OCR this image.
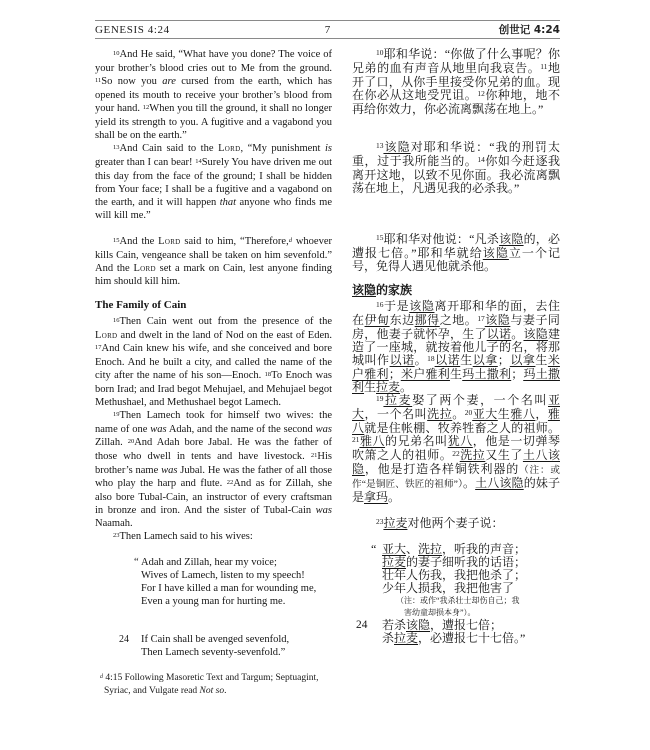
GENESIS 4:24	7	创世记 4:24
$^{10}$And He said, “What have you done? The voice of your brother’s blood cries out to Me from the ground. $^{11}$So now you are cursed from the earth, which has opened its mouth to receive your brother’s blood from your hand. $^{12}$When you till the ground, it shall no longer yield its strength to you. A fugitive and a vagabond you shall be on the earth.”
$^{13}$And Cain said to the Lord, “My punishment is greater than I can bear! $^{14}$Surely You have driven me out this day from the face of the ground; I shall be hidden from Your face; I shall be a fugitive and a vagabond on the earth, and it will happen that anyone who finds me will kill me.”
$^{15}$And the Lord said to him, “Therefore,$^d$ whoever kills Cain, vengeance shall be taken on him sevenfold.” And the Lord set a mark on Cain, lest anyone finding him should kill him.
The Family of Cain
$^{16}$Then Cain went out from the presence of the Lord and dwelt in the land of Nod on the east of Eden. $^{17}$And Cain knew his wife, and she conceived and bore Enoch. And he built a city, and called the name of the city after the name of his son—Enoch. $^{18}$To Enoch was born Irad; and Irad begot Mehujael, and Mehujael begot Methushael, and Methushael begot Lamech.
$^{19}$Then Lamech took for himself two wives: the name of one was Adah, and the name of the second was Zillah. $^{20}$And Adah bore Jabal. He was the father of those who dwell in tents and have livestock. $^{21}$His brother’s name was Jubal. He was the father of all those who play the harp and flute. $^{22}$And as for Zillah, she also bore Tubal-Cain, an instructor of every craftsman in bronze and iron. And the sister of Tubal-Cain was Naamah.
$^{23}$Then Lamech said to his wives:
“ Adah and Zillah, hear my voice;
Wives of Lamech, listen to my speech!
For I have killed a man for wounding me,
Even a young man for hurting me.
24 If Cain shall be avenged sevenfold,
Then Lamech seventy-sevenfold.”
$^d$ 4:15 Following Masoretic Text and Targum; Septuagint, Syriac, and Vulgate read Not so.
$^{10}$耶和华说：“你做了什么事呢？你兄弟的血有声音从地里向我哀告。$^{11}$地开了口，从你手里接受你兄弟的血。现在你必从这地受咒诅。$^{12}$你种地，地不再给你效力，你必流离飘荡在地上。”
$^{13}$该隐对耶和华说：“我的刑罚太重，过于我所能当的。$^{14}$你如今赶逐我离开这地，以致不见你面。我必流离飘荡在地上，凡遇见我的必杀我。”
$^{15}$耶和华对他说：“凡杀该隐的，必遭报七倍。”耶和华就给该隐立一个记号，免得人遇见他就杀他。
该隐的家族
$^{16}$于是该隐离开耶和华的面，去住在伊甸东边挪得之地。$^{17}$该隐与妻子同房，他妻子就怀孕，生了以诺。该隐建造了一座城，就按着他儿子的名，将那城叫作以诺。$^{18}$以诺生以拿；以拿生米户雅利；米户雅利生玛土撒利；玛土撒利生拉麦。
$^{19}$拉麦娶了两个妻，一个名叫亚大，一个名叫洗拉。$^{20}$亚大生雅八，雅八就是住帐棚、牧养牲畜之人的祖师。$^{21}$雅八的兄弟名叫犹八，他是一切弹琴吹箫之人的祖师。$^{22}$洗拉又生了土八该隐，他是打造各样铜铁利器的（注：或作“是铜匠、铁匠的祖师”）。土八该隐的妹子是拿玛。
$^{23}$拉麦对他两个妻子说：
“ 亚大、洗拉，听我的声音；
拉麦的妻子细听我的话语；
壮年人伤我，我把他杀了；
少年人损我，我把他害了
（注：或作“我杀壮士却伤自己；我
害幼童却损本身”）。
24 若杀该隐，遭报七倍；
杀拉麦，必遭报七十七倍。”
